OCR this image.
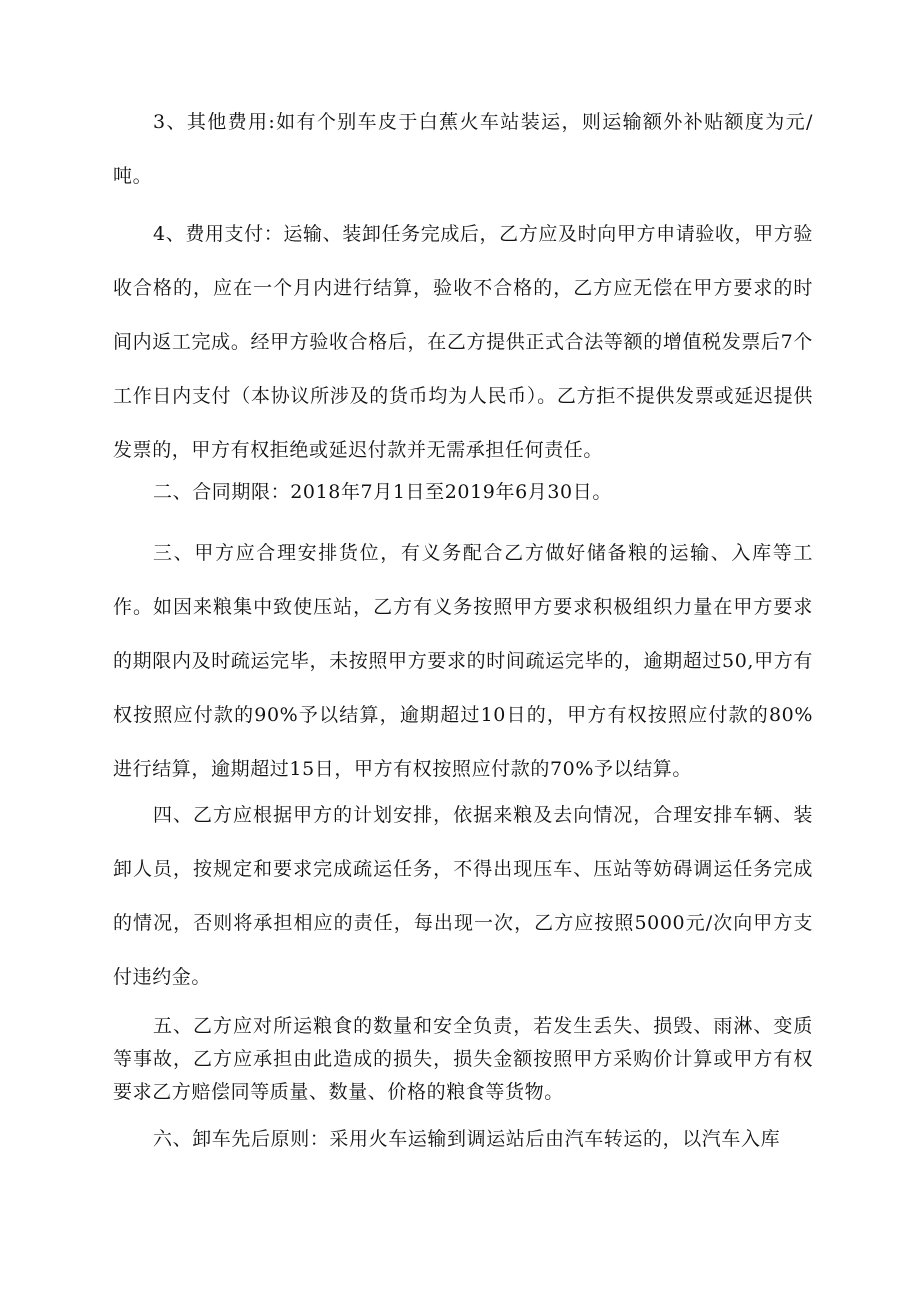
3、其他费用:如有个别车皮于白蕉火车站装运，则运输额外补贴额度为元/吨。

4、费用支付：运输、装卸任务完成后，乙方应及时向甲方申请验收，甲方验收合格的，应在一个月内进行结算，验收不合格的，乙方应无偿在甲方要求的时间内返工完成。经甲方验收合格后，在乙方提供正式合法等额的增值税发票后7个工作日内支付（本协议所涉及的货币均为人民币）。乙方拒不提供发票或延迟提供发票的，甲方有权拒绝或延迟付款并无需承担任何责任。

二、合同期限：2018年7月1日至2019年6月30日。

三、甲方应合理安排货位，有义务配合乙方做好储备粮的运输、入库等工作。如因来粮集中致使压站，乙方有义务按照甲方要求积极组织力量在甲方要求的期限内及时疏运完毕，未按照甲方要求的时间疏运完毕的，逾期超过50,甲方有权按照应付款的90%予以结算，逾期超过10日的，甲方有权按照应付款的80%进行结算，逾期超过15日，甲方有权按照应付款的70%予以结算。

四、乙方应根据甲方的计划安排，依据来粮及去向情况，合理安排车辆、装卸人员，按规定和要求完成疏运任务，不得出现压车、压站等妨碍调运任务完成的情况，否则将承担相应的责任，每出现一次，乙方应按照5000元/次向甲方支付违约金。

五、乙方应对所运粮食的数量和安全负责，若发生丢失、损毁、雨淋、变质等事故，乙方应承担由此造成的损失，损失金额按照甲方采购价计算或甲方有权要求乙方赔偿同等质量、数量、价格的粮食等货物。

六、卸车先后原则：采用火车运输到调运站后由汽车转运的，以汽车入库
